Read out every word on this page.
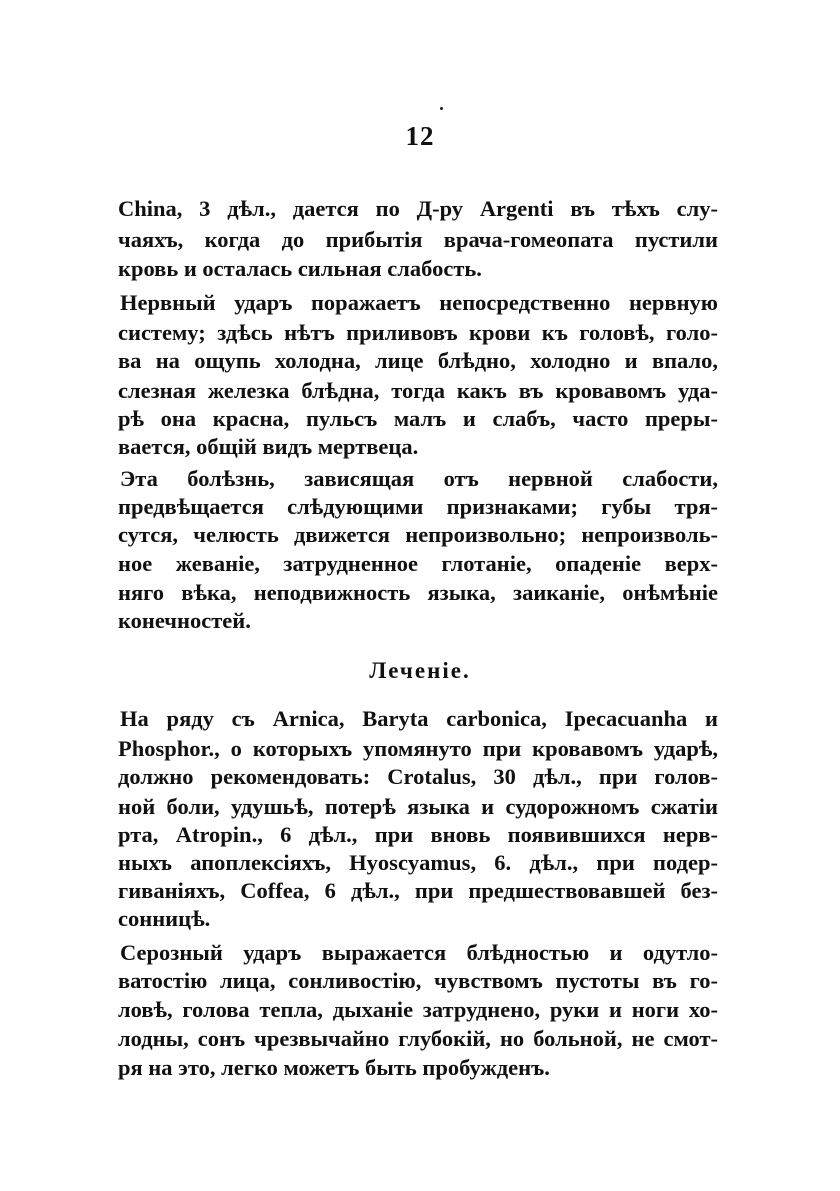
12
China, 3 дѣл., дается по Д-ру Argenti въ тѣхъ слу-
чаяхъ, когда до прибытія врача-гомеопата пустили
кровь и осталась сильная слабость.
Нервный ударъ поражаетъ непосредственно нервную
систему; здѣсь нѣтъ приливовъ крови къ головѣ, голо-
ва на ощупь холодна, лице блѣдно, холодно и впало,
слезная железка блѣдна, тогда какъ въ кровавомъ уда-
рѣ она красна, пульсъ малъ и слабъ, часто преры-
вается, общій видъ мертвеца.
Эта болѣзнь, зависящая отъ нервной слабости,
предвѣщается слѣдующими признаками; губы тря-
сутся, челюсть движется непроизвольно; непроизволь-
ное жеваніе, затрудненное глотаніе, опаденіе верх-
няго вѣка, неподвижность языка, заиканіе, онѣмѣніе
конечностей.
Леченіе.
На ряду съ Arnica, Baryta carbonica, Ipecacuanha и
Phosphor., о которыхъ упомянуто при кровавомъ ударѣ,
должно рекомендовать: Crotalus, 30 дѣл., при голов-
ной боли, удушьѣ, потерѣ языка и судорожномъ сжатіи
рта, Atropin., 6 дѣл., при вновь появившихся нерв-
ныхъ апоплексіяхъ, Hyoscyamus, 6. дѣл., при подер-
гиваніяхъ, Coffea, 6 дѣл., при предшествовавшей без-
сонницѣ.
Серозный ударъ выражается блѣдностью и одутло-
ватостію лица, сонливостію, чувствомъ пустоты въ го-
ловѣ, голова тепла, дыханіе затруднено, руки и ноги хо-
лодны, сонъ чрезвычайно глубокій, но больной, не смот-
ря на это, легко можетъ быть пробужденъ.
